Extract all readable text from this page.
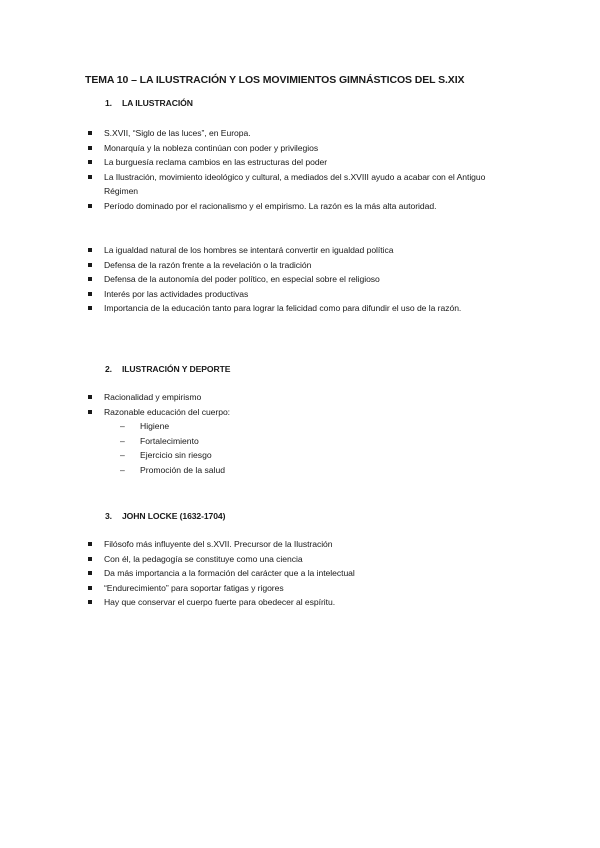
TEMA 10 – LA ILUSTRACIÓN Y LOS MOVIMIENTOS GIMNÁSTICOS DEL S.XIX
1. LA ILUSTRACIÓN
S.XVII, “Siglo de las luces”, en Europa.
Monarquía y la nobleza continúan con poder y privilegios
La burguesía reclama cambios en las estructuras del poder
La Ilustración, movimiento ideológico y cultural, a mediados del s.XVIII ayudo a acabar con el Antiguo Régimen
Período dominado por el racionalismo y el empirismo. La razón es la más alta autoridad.
La igualdad natural de los hombres se intentará convertir en igualdad política
Defensa de la razón frente a la revelación o la tradición
Defensa de la autonomía del poder político, en especial sobre el religioso
Interés por las actividades productivas
Importancia de la educación tanto para lograr la felicidad como para difundir el uso de la razón.
2. ILUSTRACIÓN Y DEPORTE
Racionalidad y empirismo
Razonable educación del cuerpo:
– Higiene
– Fortalecimiento
– Ejercicio sin riesgo
– Promoción de la salud
3. JOHN LOCKE (1632-1704)
Filósofo más influyente del s.XVII. Precursor de la Ilustración
Con él, la pedagogía se constituye como una ciencia
Da más importancia a la formación del carácter que a la intelectual
“Endurecimiento” para soportar fatigas y rigores
Hay que conservar el cuerpo fuerte para obedecer al espíritu.
